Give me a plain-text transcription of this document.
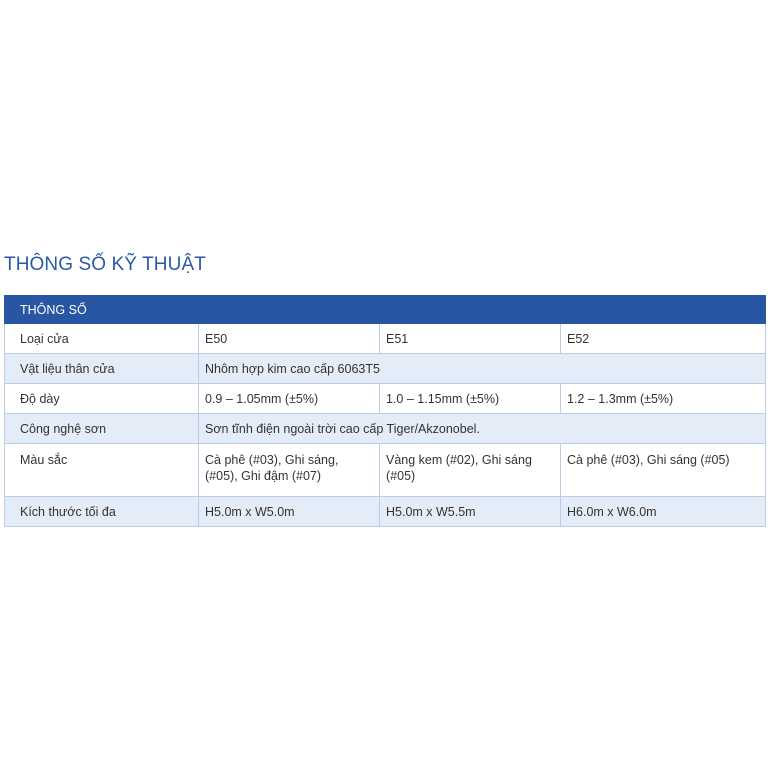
THÔNG SỐ KỸ THUẬT
THÔNG SỐ			
Loại cửa	E50	E51	E52
Vật liệu thân cửa	Nhôm hợp kim cao cấp 6063T5		
Độ dày	0.9 – 1.05mm (±5%)	1.0 – 1.15mm (±5%)	1.2 – 1.3mm (±5%)
Công nghệ sơn	Sơn tĩnh điện ngoài trời cao cấp Tiger/Akzonobel.		
Màu sắc	Cà phê (#03), Ghi sáng, (#05), Ghi đậm (#07)	Vàng kem (#02), Ghi sáng (#05)	Cà phê (#03), Ghi sáng (#05)
Kích thước tối đa	H5.0m x W5.0m	H5.0m x W5.5m	H6.0m x W6.0m
